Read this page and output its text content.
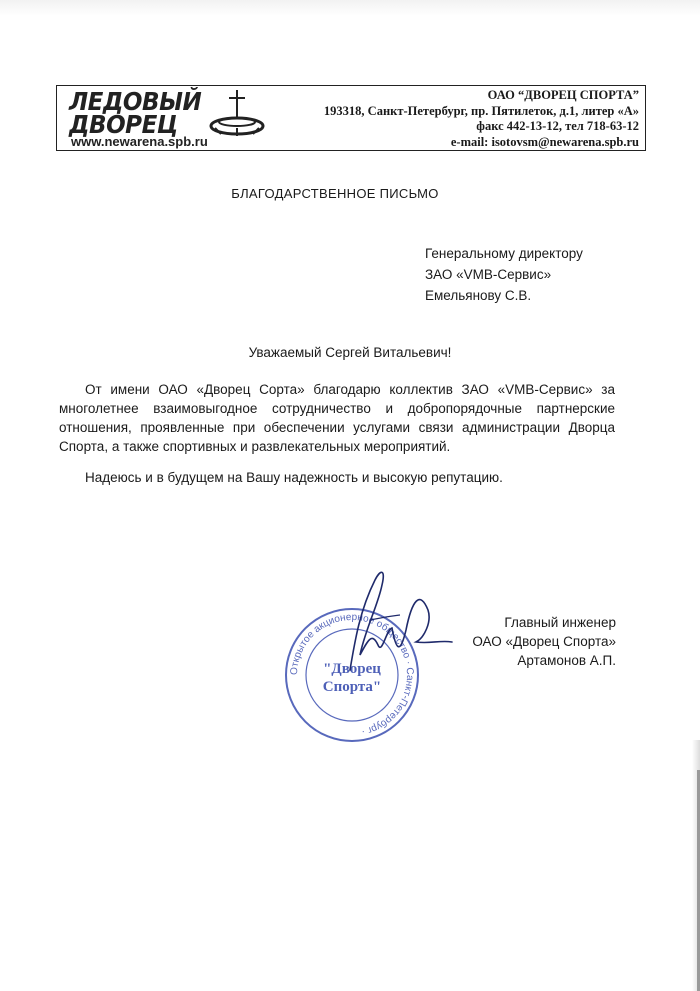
ЛЕДОВЫЙ
ДВОРЕЦ
www.newarena.spb.ru
ОАО “ДВОРЕЦ СПОРТА”
193318, Санкт-Петербург, пр. Пятилеток, д.1, литер «А»
факс 442-13-12, тел 718-63-12
e-mail: isotovsm@newarena.spb.ru
БЛАГОДАРСТВЕННОЕ ПИСЬМО
Генеральному директору
ЗАО «VMB-Сервис»
Емельянову С.В.
Уважаемый Сергей Витальевич!

От имени ОАО «Дворец Сорта» благодарю коллектив ЗАО «VMB-Сервис» за многолетнее взаимовыгодное сотрудничество и добропорядочные партнерские отношения, проявленные при обеспечении услугами связи администрации Дворца Спорта, а также спортивных и развлекательных мероприятий.

Надеюсь и в будущем на Вашу надежность и высокую репутацию.

Открытое акционерное общество · Санкт-Петербург ·
"Дворец
Спорта"
Главный инженер
ОАО «Дворец Спорта»
Артамонов А.П.
